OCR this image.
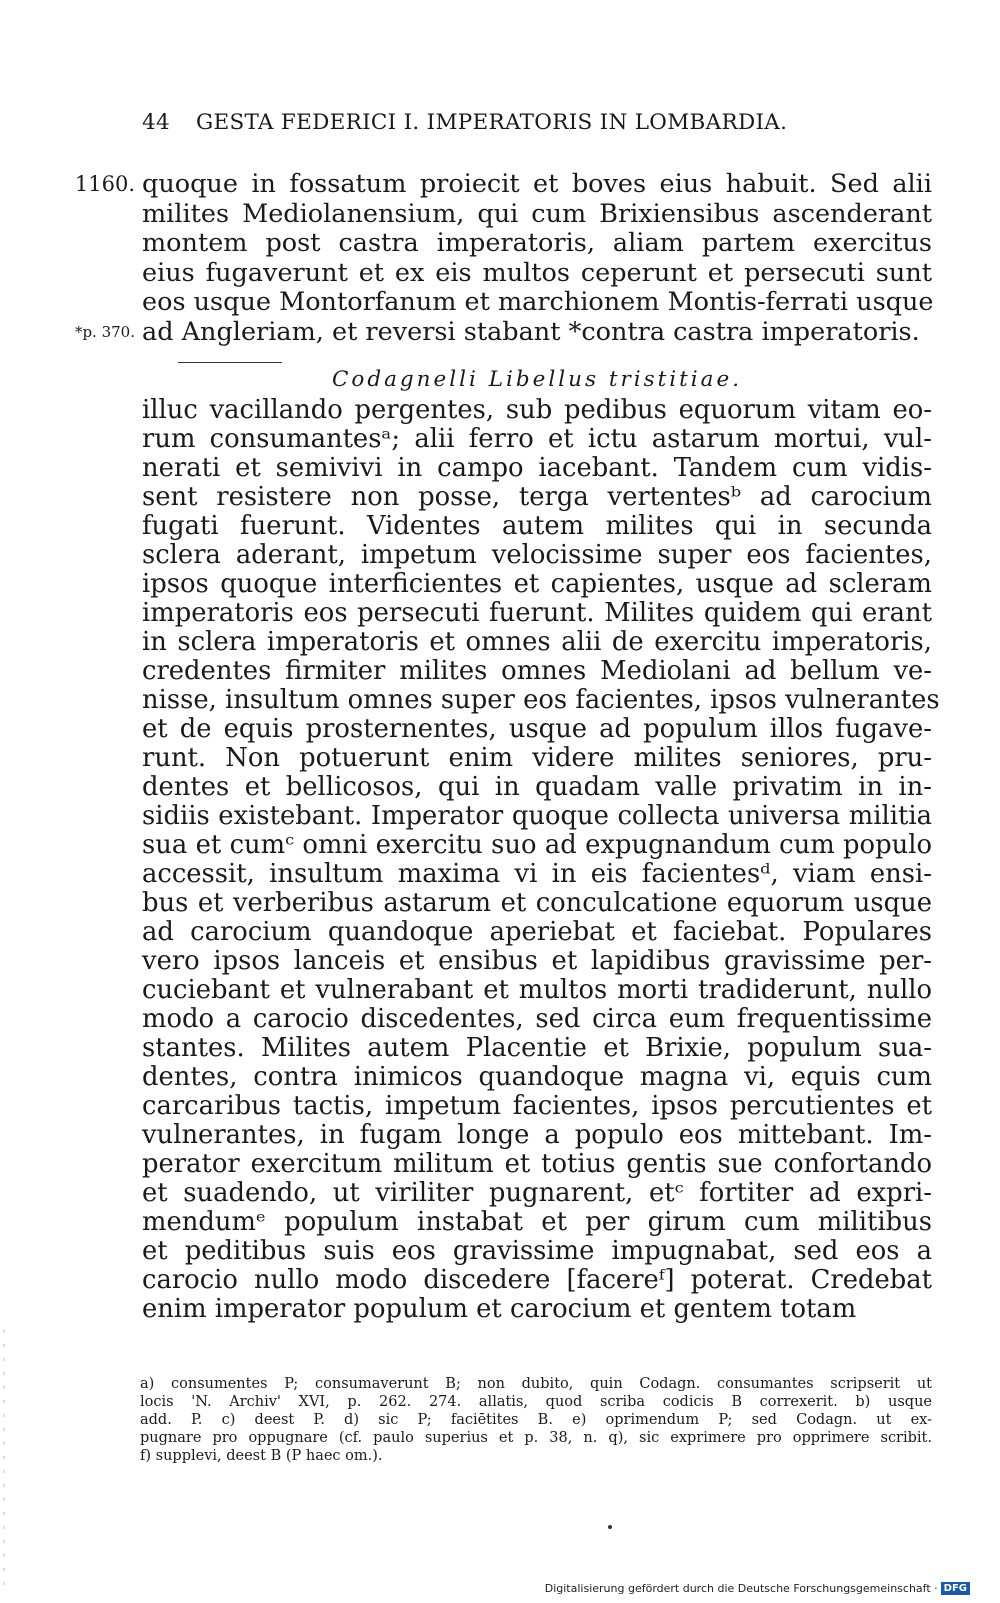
44 GESTA FEDERICI I. IMPERATORIS IN LOMBARDIA.
1160. quoque in fossatum proiecit et boves eius habuit. Sed alii
milites Mediolanensium, qui cum Brixiensibus ascenderant
montem post castra imperatoris, aliam partem exercitus
eius fugaverunt et ex eis multos ceperunt et persecuti sunt
eos usque Montorfanum et marchionem Montis-ferrati usque
*p. 370. ad Angleriam, et reversi stabant *contra castra imperatoris.
Codagnelli Libellus tristitiae.
illuc vacillando pergentes, sub pedibus equorum vitam eo-
rum consumantesᵃ; alii ferro et ictu astarum mortui, vul-
nerati et semivivi in campo iacebant. Tandem cum vidis-
sent resistere non posse, terga vertentesᵇ ad carocium
fugati fuerunt. Videntes autem milites qui in secunda
sclera aderant, impetum velocissime super eos facientes,
ipsos quoque interficientes et capientes, usque ad scleram
imperatoris eos persecuti fuerunt. Milites quidem qui erant
in sclera imperatoris et omnes alii de exercitu imperatoris,
credentes firmiter milites omnes Mediolani ad bellum ve-
nisse, insultum omnes super eos facientes, ipsos vulnerantes
et de equis prosternentes, usque ad populum illos fugave-
runt. Non potuerunt enim videre milites seniores, pru-
dentes et bellicosos, qui in quadam valle privatim in in-
sidiis existebant. Imperator quoque collecta universa militia
sua et cumᶜ omni exercitu suo ad expugnandum cum populo
accessit, insultum maxima vi in eis facientesᵈ, viam ensi-
bus et verberibus astarum et conculcatione equorum usque
ad carocium quandoque aperiebat et faciebat. Populares
vero ipsos lanceis et ensibus et lapidibus gravissime per-
cuciebant et vulnerabant et multos morti tradiderunt, nullo
modo a carocio discedentes, sed circa eum frequentissime
stantes. Milites autem Placentie et Brixie, populum sua-
dentes, contra inimicos quandoque magna vi, equis cum
carcaribus tactis, impetum facientes, ipsos percutientes et
vulnerantes, in fugam longe a populo eos mittebant. Im-
perator exercitum militum et totius gentis sue confortando
et suadendo, ut viriliter pugnarent, etᶜ fortiter ad expri-
mendumᵉ populum instabat et per girum cum militibus
et peditibus suis eos gravissime impugnabat, sed eos a
carocio nullo modo discedere [facereᶠ] poterat. Credebat
enim imperator populum et carocium et gentem totam
a) consumentes P; consumaverunt B; non dubito, quin Codagn. consumantes scripserit ut
locis 'N. Archiv' XVI, p. 262. 274. allatis, quod scriba codicis B correxerit. b) usque
add. P. c) deest P. d) sic P; faciētites B. e) oprimendum P; sed Codagn. ut ex-
pugnare pro oppugnare (cf. paulo superius et p. 38, n. q), sic exprimere pro opprimere scribit.
f) supplevi, deest B (P haec om.).
Digitalisierung gefördert durch die Deutsche Forschungsgemeinschaft · DFG
